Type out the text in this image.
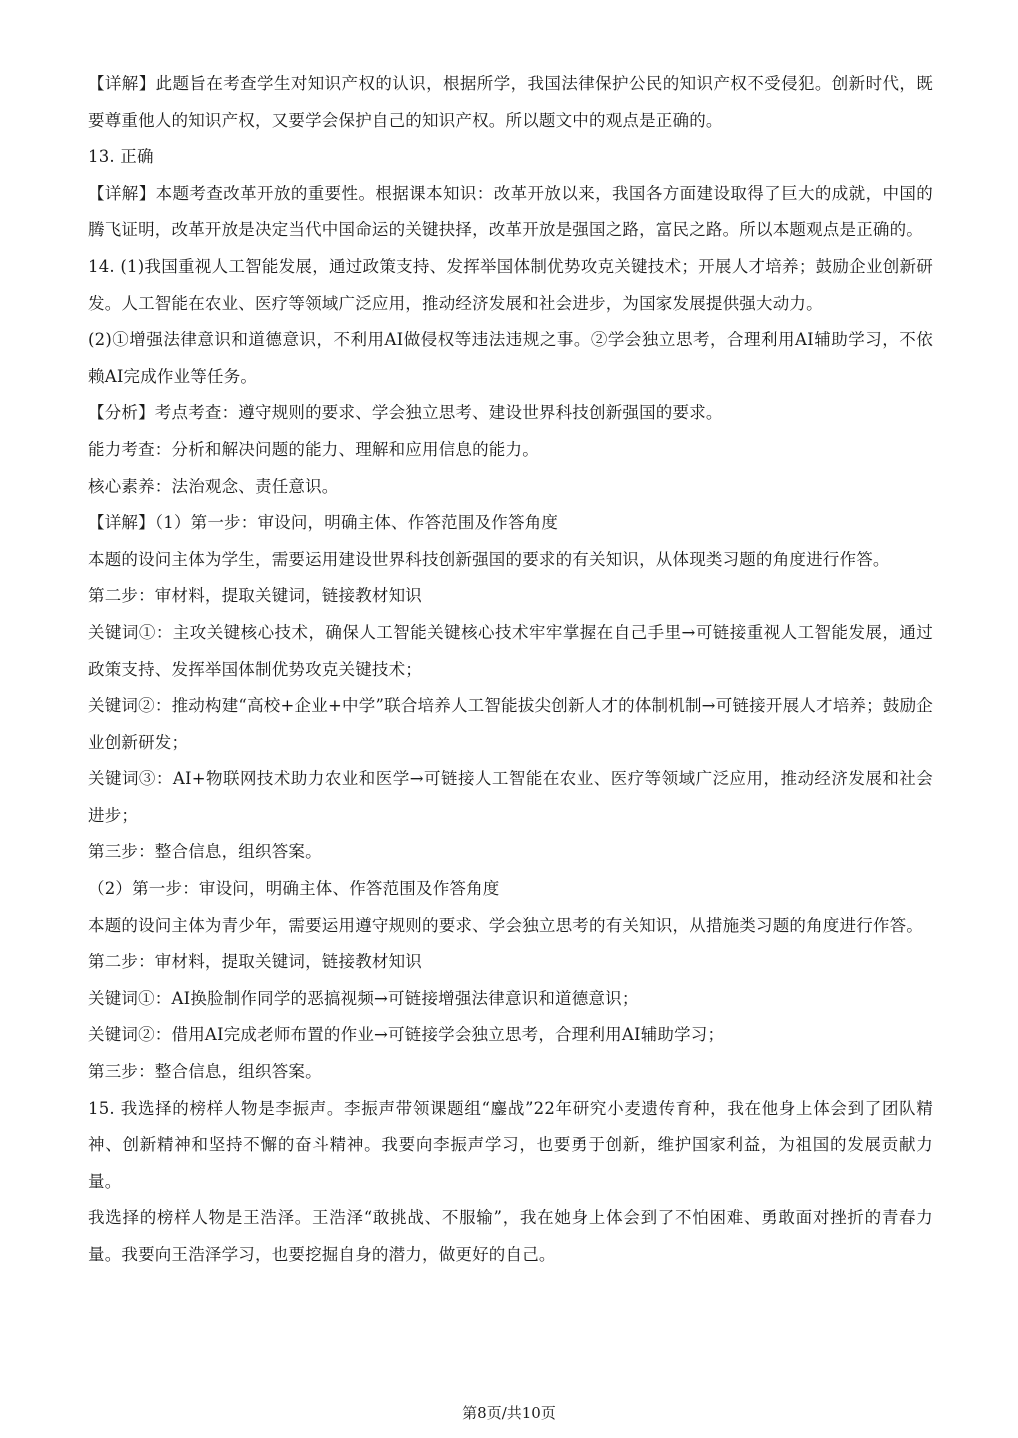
【详解】此题旨在考查学生对知识产权的认识，根据所学，我国法律保护公民的知识产权不受侵犯。创新时代，既要尊重他人的知识产权，又要学会保护自己的知识产权。所以题文中的观点是正确的。

13. 正确

【详解】本题考查改革开放的重要性。根据课本知识：改革开放以来，我国各方面建设取得了巨大的成就，中国的腾飞证明，改革开放是决定当代中国命运的关键抉择，改革开放是强国之路，富民之路。所以本题观点是正确的。

14. (1)我国重视人工智能发展，通过政策支持、发挥举国体制优势攻克关键技术；开展人才培养；鼓励企业创新研发。人工智能在农业、医疗等领域广泛应用，推动经济发展和社会进步，为国家发展提供强大动力。

(2)①增强法律意识和道德意识，不利用AI做侵权等违法违规之事。②学会独立思考，合理利用AI辅助学习，不依赖AI完成作业等任务。

【分析】考点考查：遵守规则的要求、学会独立思考、建设世界科技创新强国的要求。

能力考查：分析和解决问题的能力、理解和应用信息的能力。

核心素养：法治观念、责任意识。

【详解】（1）第一步：审设问，明确主体、作答范围及作答角度

本题的设问主体为学生，需要运用建设世界科技创新强国的要求的有关知识，从体现类习题的角度进行作答。

第二步：审材料，提取关键词，链接教材知识

关键词①：主攻关键核心技术，确保人工智能关键核心技术牢牢掌握在自己手里→可链接重视人工智能发展，通过政策支持、发挥举国体制优势攻克关键技术；

关键词②：推动构建“高校+企业+中学”联合培养人工智能拔尖创新人才的体制机制→可链接开展人才培养；鼓励企业创新研发；

关键词③：AI+物联网技术助力农业和医学→可链接人工智能在农业、医疗等领域广泛应用，推动经济发展和社会进步；

第三步：整合信息，组织答案。

（2）第一步：审设问，明确主体、作答范围及作答角度

本题的设问主体为青少年，需要运用遵守规则的要求、学会独立思考的有关知识，从措施类习题的角度进行作答。

第二步：审材料，提取关键词，链接教材知识

关键词①：AI换脸制作同学的恶搞视频→可链接增强法律意识和道德意识；

关键词②：借用AI完成老师布置的作业→可链接学会独立思考，合理利用AI辅助学习；

第三步：整合信息，组织答案。

15. 我选择的榜样人物是李振声。李振声带领课题组“鏖战”22年研究小麦遗传育种，我在他身上体会到了团队精神、创新精神和坚持不懈的奋斗精神。我要向李振声学习，也要勇于创新，维护国家利益，为祖国的发展贡献力量。

我选择的榜样人物是王浩泽。王浩泽“敢挑战、不服输”，我在她身上体会到了不怕困难、勇敢面对挫折的青春力量。我要向王浩泽学习，也要挖掘自身的潜力，做更好的自己。

第8页/共10页
